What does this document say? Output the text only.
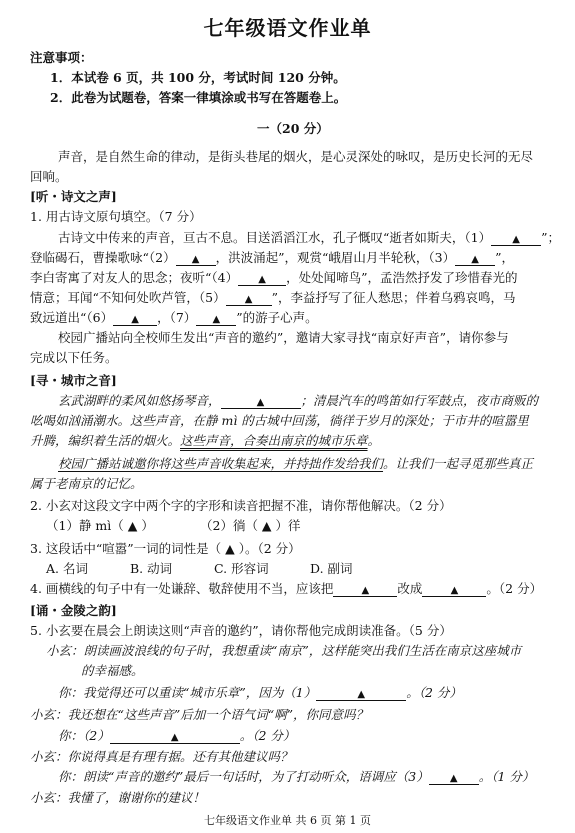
七年级语文作业单
注意事项：
1．本试卷 6 页，共 100 分，考试时间 120 分钟。
2．此卷为试题卷，答案一律填涂或书写在答题卷上。
一（20 分）
声音，是自然生命的律动，是街头巷尾的烟火，是心灵深处的咏叹，是历史长河的无尽
回响。
[听・诗文之声]
1. 用古诗文原句填空。（7 分）
古诗文中传来的声音，亘古不息。目送滔滔江水，孔子慨叹“逝者如斯夫，（1） ▲ ”；
登临碣石，曹操歌咏“（2） ▲ ，洪波涌起”，观赏“峨眉山月半轮秋，（3） ▲ ”，
李白寄寓了对友人的思念；夜听“（4） ▲ ，处处闻啼鸟”，孟浩然抒发了珍惜春光的
情意；耳闻“不知何处吹芦管，（5） ▲ ”，李益抒写了征人愁思；伴着乌鸦哀鸣，马
致远道出“（6） ▲ ，（7） ▲ ”的游子心声。
校园广播站向全校师生发出“声音的邀约”，邀请大家寻找“南京好声音”，请你参与
完成以下任务。
[寻・城市之音]
玄武湖畔的柔风如悠扬琴音，	▲	；清晨汽车的鸣笛如行军鼓点，夜市商贩的
吆喝如汹涌潮水。这些声音，在静 mì 的古城中回荡，徜徉于岁月的深处；于市井的喧嚣里
升腾，编织着生活的烟火。这些声音，合奏出南京的城市乐章。
校园广播站诚邀你将这些声音收集起来，并持拙作发给我们。让我们一起寻觅那些真正
属于老南京的记忆。
2. 小玄对这段文字中两个字的字形和读音把握不准，请你帮他解决。（2 分）
（1）静 mì（ ▲ ）	（2）徜（ ▲ ）徉
3. 这段话中“喧嚣”一词的词性是（ ▲ ）。（2 分）
A. 名词	B. 动词	C. 形容词	D. 副词
4. 画横线的句子中有一处谦辞、敬辞使用不当，应该把	▲ 改成	▲ 。（2 分）
[诵・金陵之韵]
5. 小玄要在晨会上朗读这则“声音的邀约”，请你帮他完成朗读准备。（5 分）
小玄：朗读画波浪线的句子时，我想重读“南京”，这样能突出我们生活在南京这座城市
的幸福感。
你：我觉得还可以重读“城市乐章”，因为（1）	▲	。（2 分）
小玄：我还想在“这些声音”后加一个语气词“啊”，你同意吗？
你：（2）	▲	。（2 分）
小玄：你说得真是有理有据。还有其他建议吗？
你：朗读“声音的邀约”最后一句话时，为了打动听众，语调应（3） ▲ 。（1 分）
小玄：我懂了，谢谢你的建议！
七年级语文作业单 共 6 页 第 1 页
